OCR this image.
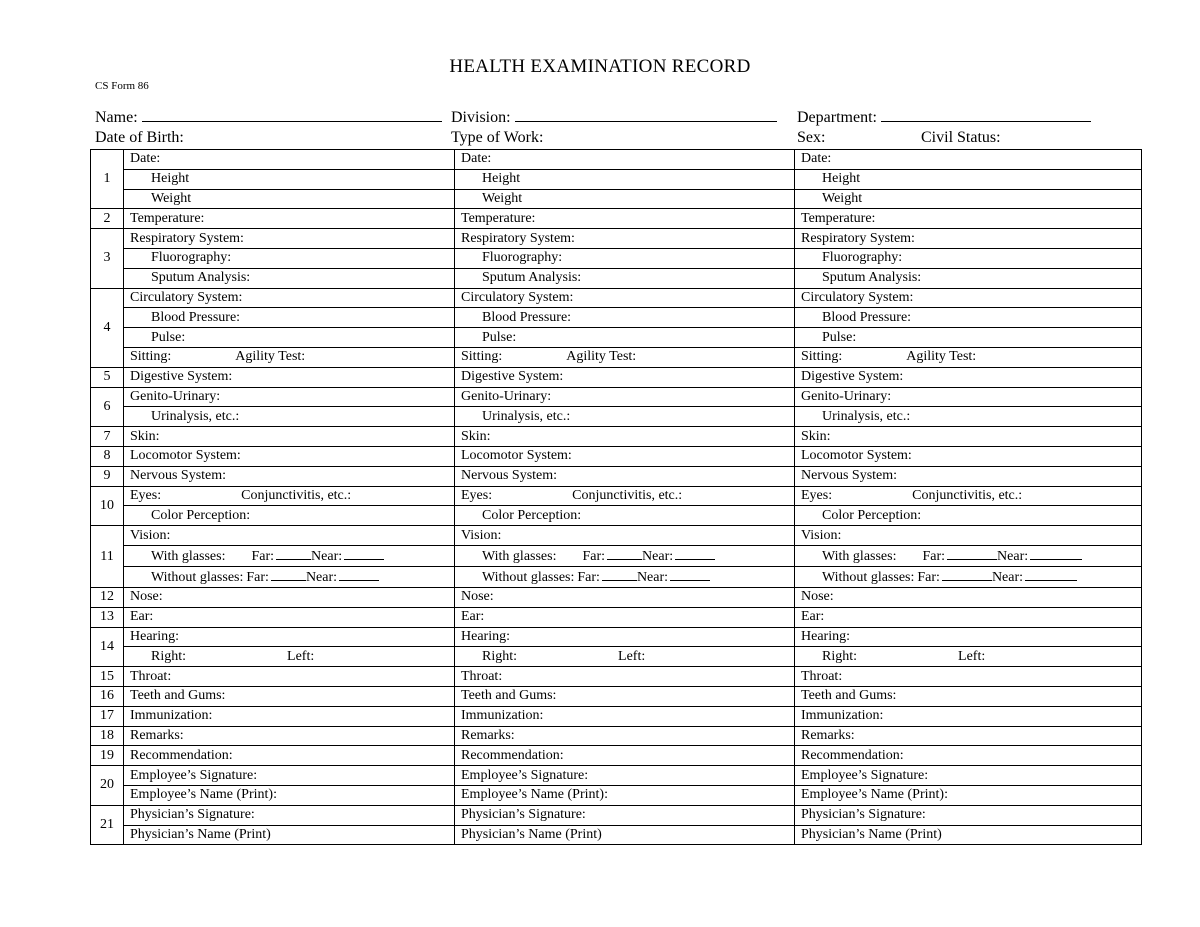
HEALTH EXAMINATION RECORD
CS Form 86
Name:	Division:	Department:
Date of Birth:	Type of Work:	Sex:	Civil Status:
1	Date:	Date:	Date:
	Height	Height	Height
	Weight	Weight	Weight
2	Temperature:	Temperature:	Temperature:
3	Respiratory System:	Respiratory System:	Respiratory System:
	Fluorography:	Fluorography:	Fluorography:
	Sputum Analysis:	Sputum Analysis:	Sputum Analysis:
4	Circulatory System:	Circulatory System:	Circulatory System:
	Blood Pressure:	Blood Pressure:	Blood Pressure:
	Pulse:	Pulse:	Pulse:
	Sitting: Agility Test:	Sitting: Agility Test:	Sitting: Agility Test:
5	Digestive System:	Digestive System:	Digestive System:
6	Genito-Urinary:	Genito-Urinary:	Genito-Urinary:
	Urinalysis, etc.:	Urinalysis, etc.:	Urinalysis, etc.:
7	Skin:	Skin:	Skin:
8	Locomotor System:	Locomotor System:	Locomotor System:
9	Nervous System:	Nervous System:	Nervous System:
10	Eyes: Conjunctivitis, etc.:	Eyes: Conjunctivitis, etc.:	Eyes: Conjunctivitis, etc.:
	Color Perception:	Color Perception:	Color Perception:
11	Vision:	Vision:	Vision:
	With glasses: Far: Near:	With glasses: Far: Near:	With glasses: Far: Near:
	Without glasses: Far: Near:	Without glasses: Far: Near:	Without glasses: Far: Near:
12	Nose:	Nose:	Nose:
13	Ear:	Ear:	Ear:
14	Hearing:	Hearing:	Hearing:
	Right: Left:	Right: Left:	Right: Left:
15	Throat:	Throat:	Throat:
16	Teeth and Gums:	Teeth and Gums:	Teeth and Gums:
17	Immunization:	Immunization:	Immunization:
18	Remarks:	Remarks:	Remarks:
19	Recommendation:	Recommendation:	Recommendation:
20	Employee’s Signature:	Employee’s Signature:	Employee’s Signature:
	Employee’s Name (Print):	Employee’s Name (Print):	Employee’s Name (Print):
21	Physician’s Signature:	Physician’s Signature:	Physician’s Signature:
	Physician’s Name (Print)	Physician’s Name (Print)	Physician’s Name (Print)
